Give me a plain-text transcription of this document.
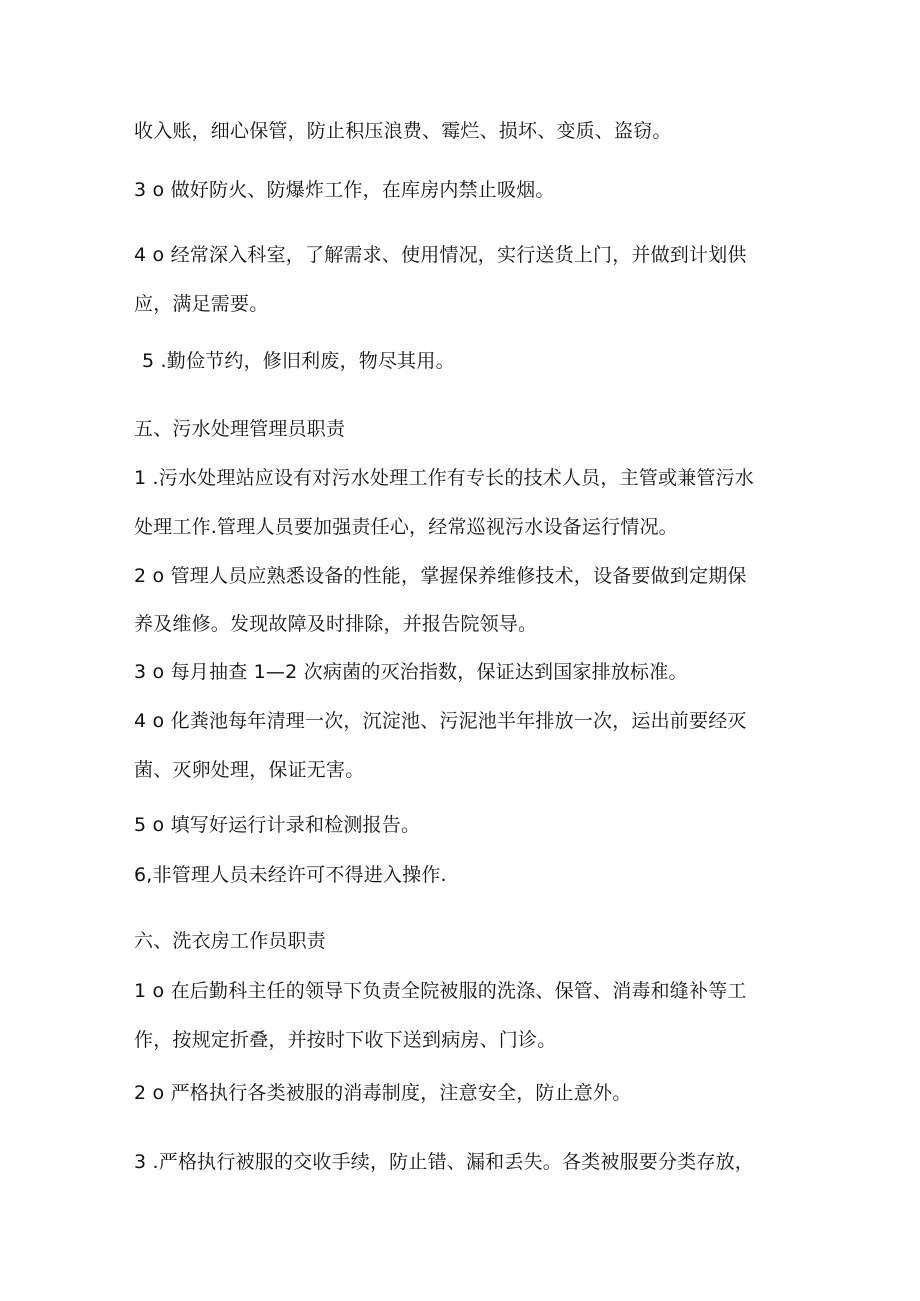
收入账，细心保管，防止积压浪费、霉烂、损坏、变质、盗窃。
3 o 做好防火、防爆炸工作，在库房内禁止吸烟。
4 o 经常深入科室，了解需求、使用情况，实行送货上门，并做到计划供
应，满足需要。
5 .勤俭节约，修旧利废，物尽其用。
五、污水处理管理员职责
1 .污水处理站应设有对污水处理工作有专长的技术人员，主管或兼管污水
处理工作.管理人员要加强责任心，经常巡视污水设备运行情况。
2 o 管理人员应熟悉设备的性能，掌握保养维修技术，设备要做到定期保
养及维修。发现故障及时排除，并报告院领导。
3 o 每月抽查 1—2 次病菌的灭治指数，保证达到国家排放标准。
4 o 化粪池每年清理一次，沉淀池、污泥池半年排放一次，运出前要经灭
菌、灭卵处理，保证无害。
5 o 填写好运行计录和检测报告。
6,非管理人员未经许可不得进入操作.
六、洗衣房工作员职责
1 o 在后勤科主任的领导下负责全院被服的洗涤、保管、消毒和缝补等工
作，按规定折叠，并按时下收下送到病房、门诊。
2 o 严格执行各类被服的消毒制度，注意安全，防止意外。
3 .严格执行被服的交收手续，防止错、漏和丢失。各类被服要分类存放，
